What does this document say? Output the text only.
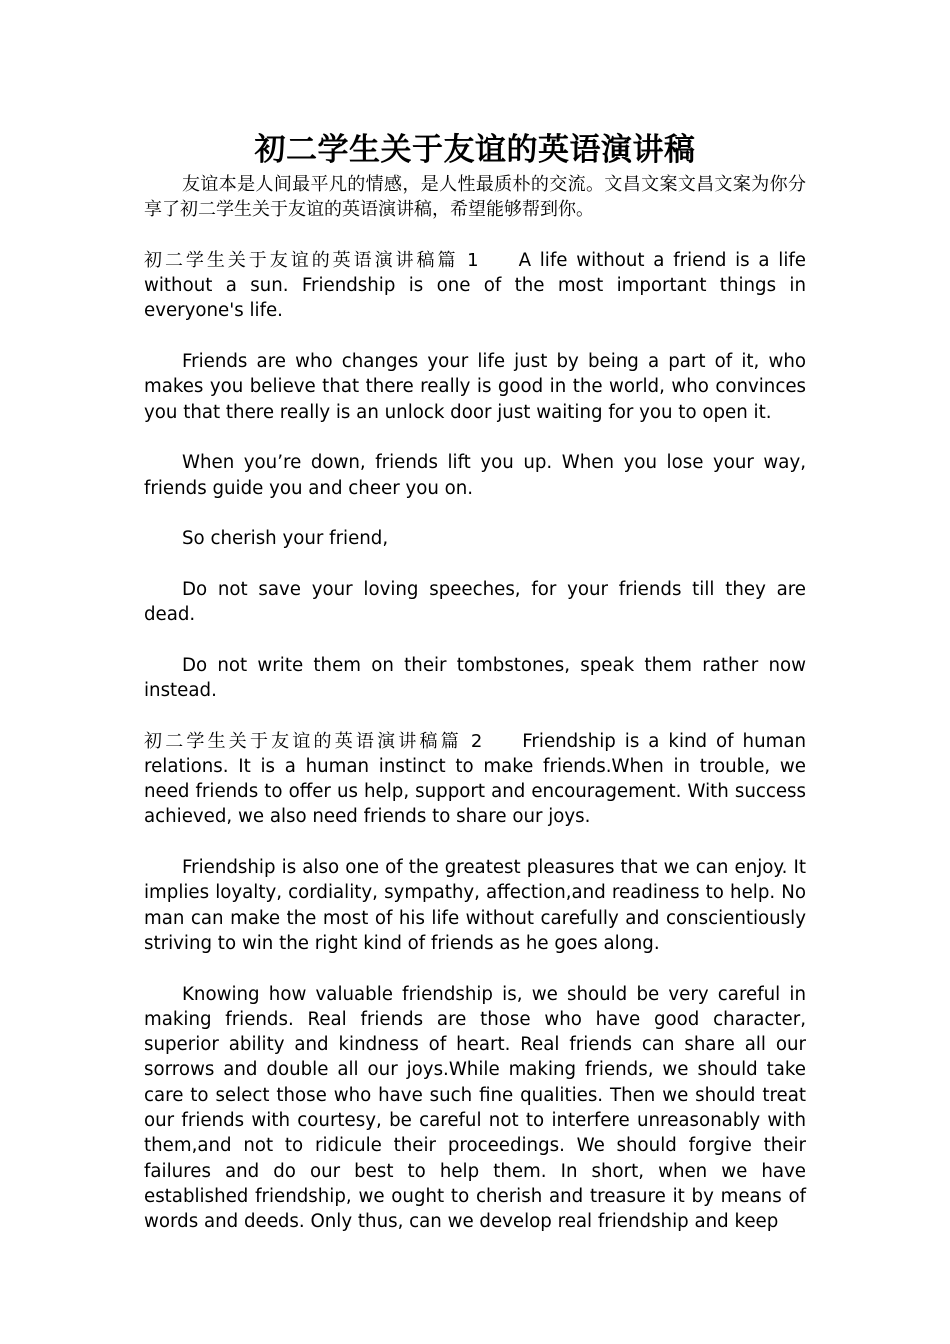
初二学生关于友谊的英语演讲稿

友谊本是人间最平凡的情感，是人性最质朴的交流。文昌文案文昌文案为你分享了初二学生关于友谊的英语演讲稿，希望能够帮到你。

初二学生关于友谊的英语演讲稿篇 1 A life without a friend is a life without a sun. Friendship is one of the most important things in everyone's life.

Friends are who changes your life just by being a part of it, who makes you believe that there really is good in the world, who convinces you that there really is an unlock door just waiting for you to open it.

When you’re down, friends lift you up. When you lose your way, friends guide you and cheer you on.

So cherish your friend,

Do not save your loving speeches, for your friends till they are dead.

Do not write them on their tombstones, speak them rather now instead.

初二学生关于友谊的英语演讲稿篇 2 Friendship is a kind of human relations. It is a human instinct to make friends.When in trouble, we need friends to offer us help, support and encouragement. With success achieved, we also need friends to share our joys.

Friendship is also one of the greatest pleasures that we can enjoy. It implies loyalty, cordiality, sympathy, affection,and readiness to help. No man can make the most of his life without carefully and conscientiously striving to win the right kind of friends as he goes along.

Knowing how valuable friendship is, we should be very careful in making friends. Real friends are those who have good character, superior ability and kindness of heart. Real friends can share all our sorrows and double all our joys.While making friends, we should take care to select those who have such fine qualities. Then we should treat our friends with courtesy, be careful not to interfere unreasonably with them,and not to ridicule their proceedings. We should forgive their failures and do our best to help them. In short, when we have established friendship, we ought to cherish and treasure it by means of words and deeds. Only thus, can we develop real friendship and keep
